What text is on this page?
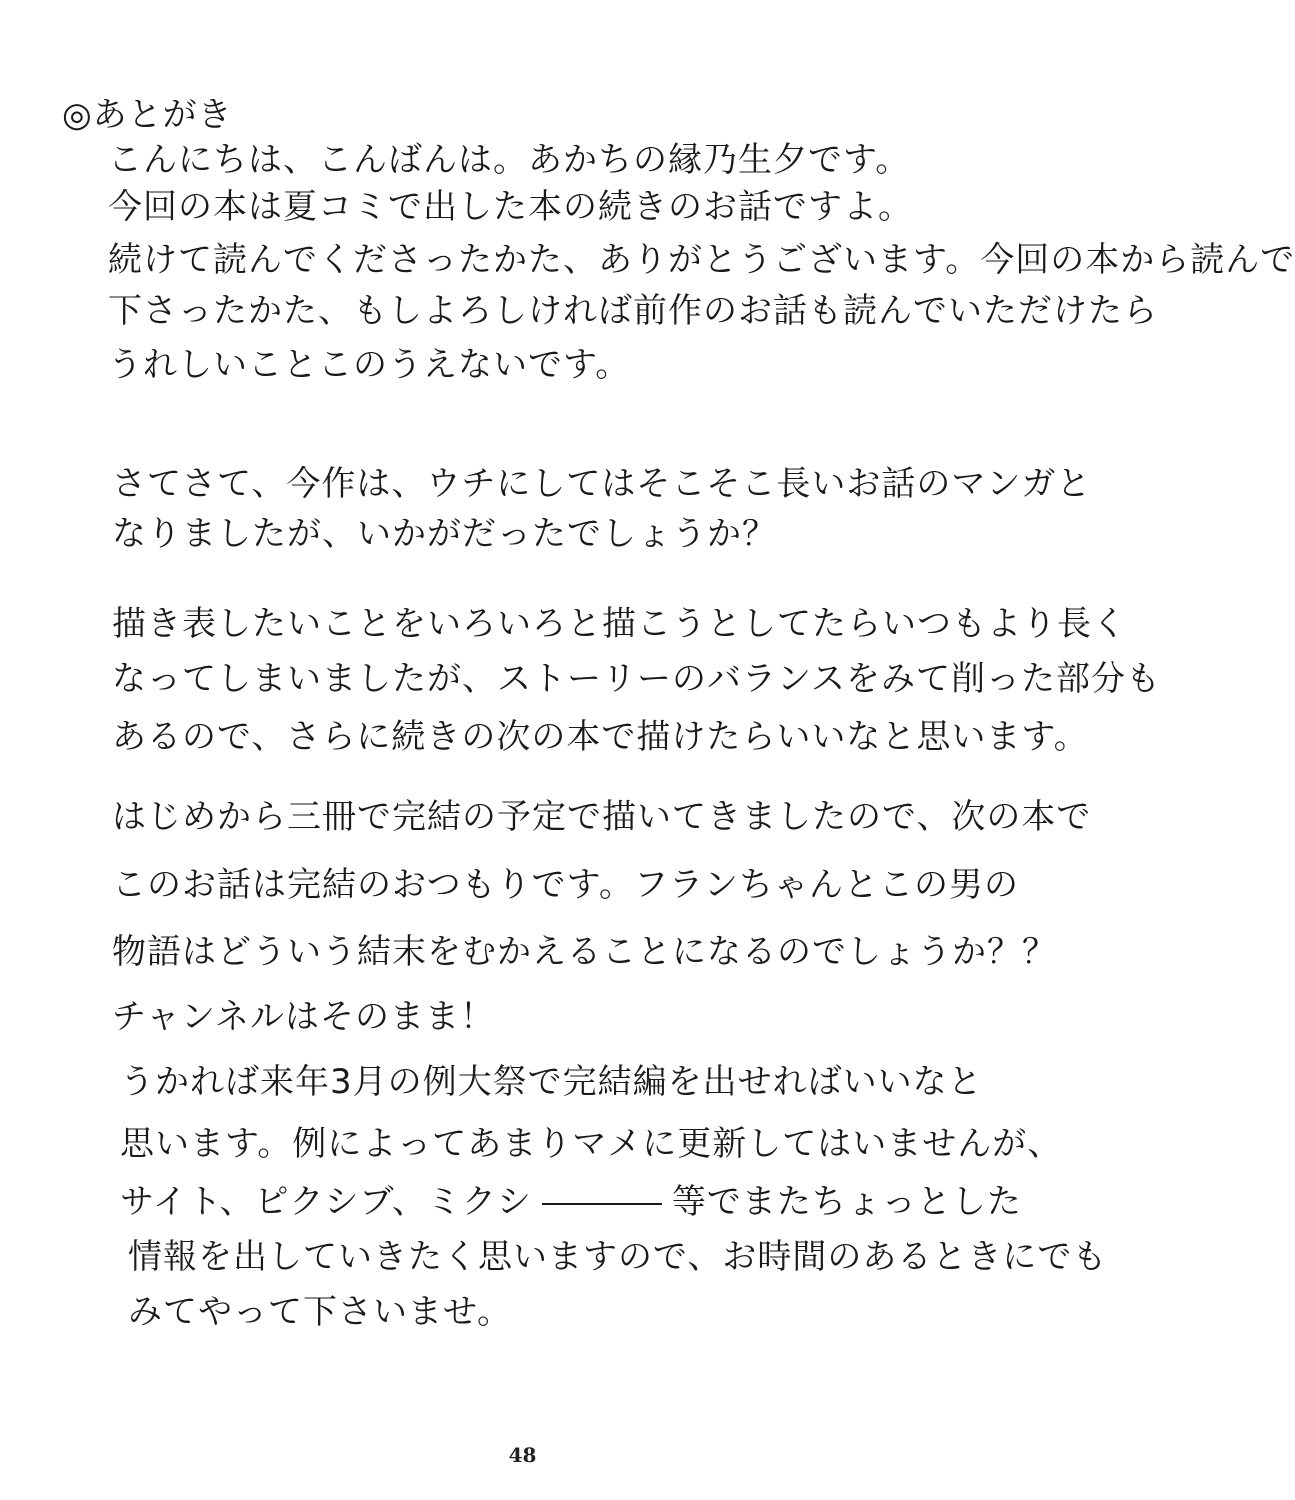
◎あとがき
こんにちは、こんばんは。あかちの縁乃生夕です。
今回の本は夏コミで出した本の続きのお話ですよ。
続けて読んでくださったかた、ありがとうございます。今回の本から読んで
下さったかた、もしよろしければ前作のお話も読んでいただけたら
うれしいことこのうえないです。
さてさて、今作は、ウチにしてはそこそこ長いお話のマンガと
なりましたが、いかがだったでしょうか？
描き表したいことをいろいろと描こうとしてたらいつもより長く
なってしまいましたが、ストーリーのバランスをみて削った部分も
あるので、さらに続きの次の本で描けたらいいなと思います。
はじめから三冊で完結の予定で描いてきましたので、次の本で
このお話は完結のおつもりです。フランちゃんとこの男の
物語はどういう結末をむかえることになるのでしょうか？？
チャンネルはそのまま！
うかれば来年3月の例大祭で完結編を出せればいいなと
思います。例によってあまりマメに更新してはいませんが、
サイト、ピクシブ、ミクシ	等でまたちょっとした
情報を出していきたく思いますので、お時間のあるときにでも
みてやって下さいませ。
48
